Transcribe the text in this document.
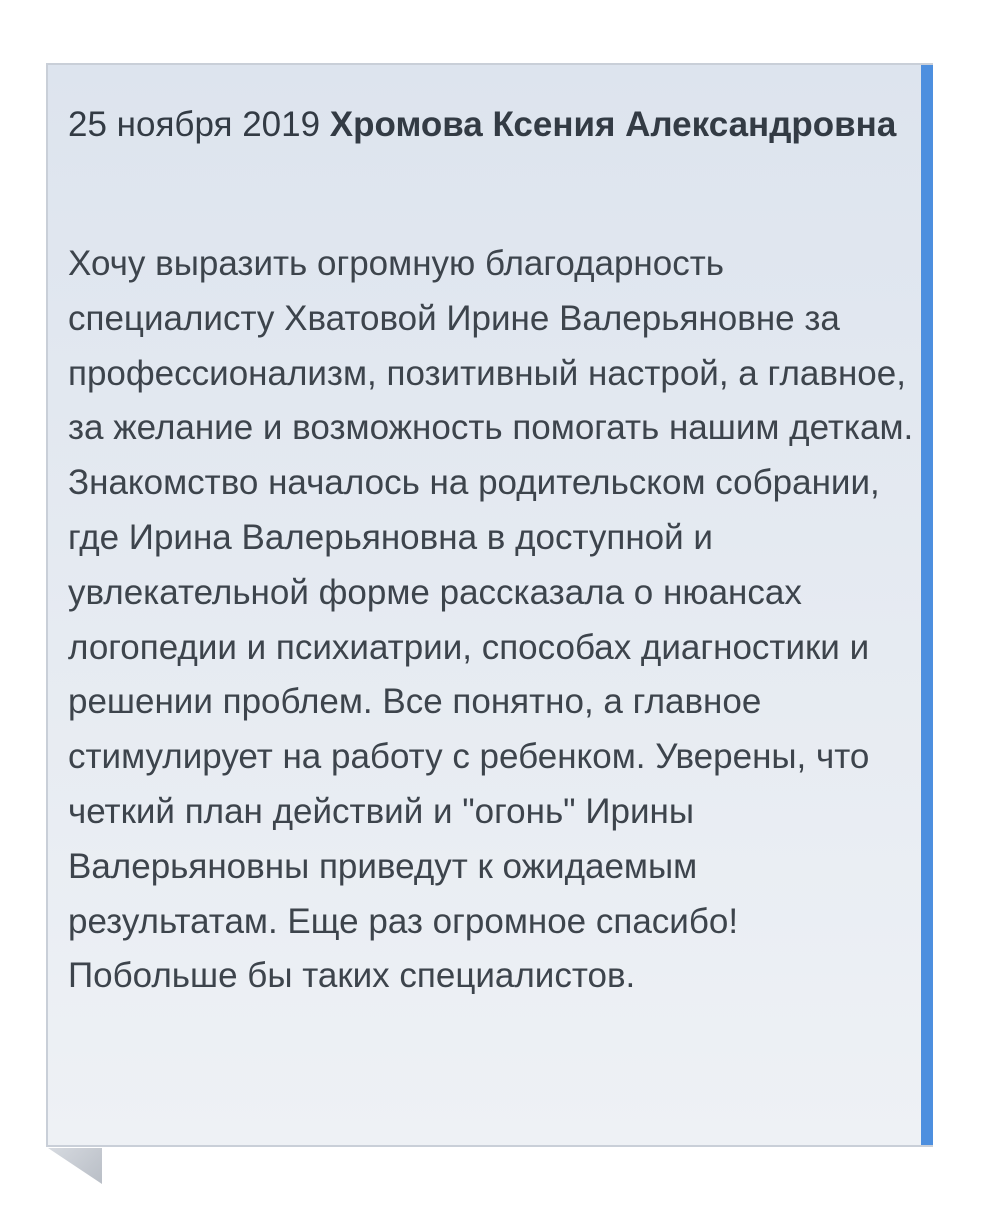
25 ноября 2019 Хромова Ксения Александровна
Хочу выразить огромную благодарность специалисту Хватовой Ирине Валерьяновне за профессионализм, позитивный настрой, а главное, за желание и возможность помогать нашим деткам. Знакомство началось на родительском собрании, где Ирина Валерьяновна в доступной и увлекательной форме рассказала о нюансах логопедии и психиатрии, способах диагностики и решении проблем. Все понятно, а главное стимулирует на работу с ребенком. Уверены, что четкий план действий и "огонь" Ирины Валерьяновны приведут к ожидаемым результатам. Еще раз огромное спасибо! Побольше бы таких специалистов.
